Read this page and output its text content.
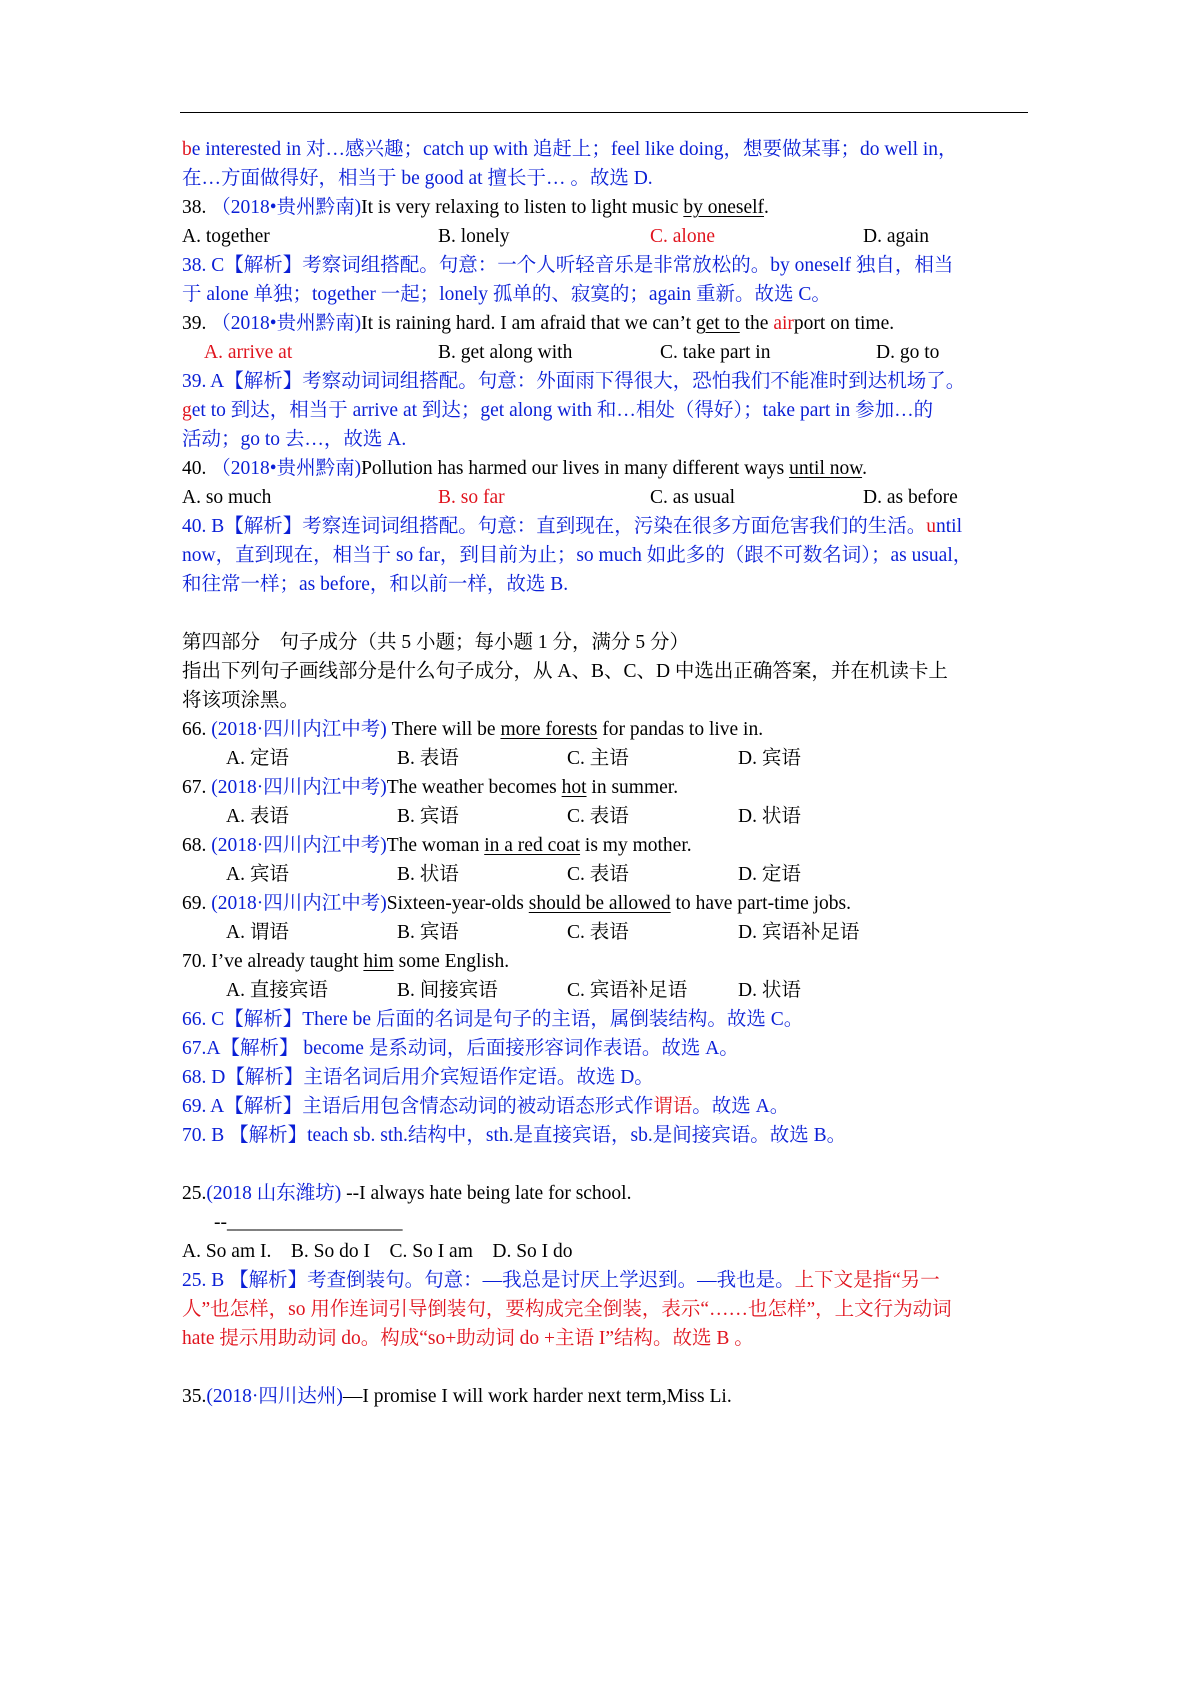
be interested in 对…感兴趣；catch up with 追赶上；feel like doing，想要做某事；do well in，
在…方面做得好，相当于 be good at 擅长于… 。故选 D.
38. （2018•贵州黔南)It is very relaxing to listen to light music by oneself.
A. together	B. lonely	C. alone	D. again
38. C【解析】考察词组搭配。句意：一个人听轻音乐是非常放松的。by oneself 独自，相当
于 alone 单独；together 一起；lonely 孤单的、寂寞的；again 重新。故选 C。
39. （2018•贵州黔南)It is raining hard. I am afraid that we can’t get to the airport on time.
A. arrive at	B. get along with	C. take part in	D. go to
39. A【解析】考察动词词组搭配。句意：外面雨下得很大，恐怕我们不能准时到达机场了。
get to 到达，相当于 arrive at 到达；get along with 和…相处（得好）；take part in 参加…的
活动；go to 去…，故选 A.
40. （2018•贵州黔南)Pollution has harmed our lives in many different ways until now.
A. so much	B. so far	C. as usual	D. as before
40. B【解析】考察连词词组搭配。句意：直到现在，污染在很多方面危害我们的生活。until
now，直到现在，相当于 so far，到目前为止；so much 如此多的（跟不可数名词）；as usual，
和往常一样；as before，和以前一样，故选 B.
第四部分　句子成分（共 5 小题；每小题 1 分，满分 5 分）
指出下列句子画线部分是什么句子成分，从 A、B、C、D 中选出正确答案，并在机读卡上
将该项涂黑。
66. (2018·四川内江中考) There will be more forests for pandas to live in.
A. 定语	B. 表语	C. 主语	D. 宾语
67. (2018·四川内江中考)The weather becomes hot in summer.
A. 表语	B. 宾语	C. 表语	D. 状语
68. (2018·四川内江中考)The woman in a red coat is my mother.
A. 宾语	B. 状语	C. 表语	D. 定语
69. (2018·四川内江中考)Sixteen-year-olds should be allowed to have part-time jobs.
A. 谓语	B. 宾语	C. 表语	D. 宾语补足语
70. I’ve already taught him some English.
A. 直接宾语	B. 间接宾语	C. 宾语补足语	D. 状语
66. C【解析】There be 后面的名词是句子的主语，属倒装结构。故选 C。
67.A【解析】 become 是系动词，后面接形容词作表语。故选 A。
68. D【解析】主语名词后用介宾短语作定语。故选 D。
69. A【解析】主语后用包含情态动词的被动语态形式作谓语。故选 A。
70. B 【解析】teach sb. sth.结构中，sth.是直接宾语，sb.是间接宾语。故选 B。
25.(2018 山东潍坊) --I always hate being late for school.
--__________________
A. So am I.    B. So do I    C. So I am    D. So I do
25. B 【解析】考查倒装句。句意：—我总是讨厌上学迟到。—我也是。上下文是指“另一
人”也怎样，so 用作连词引导倒装句，要构成完全倒装，表示“……也怎样”，上文行为动词
hate 提示用助动词 do。构成“so+助动词 do +主语 I”结构。故选 B 。
35.(2018·四川达州)—I promise I will work harder next term,Miss Li.
